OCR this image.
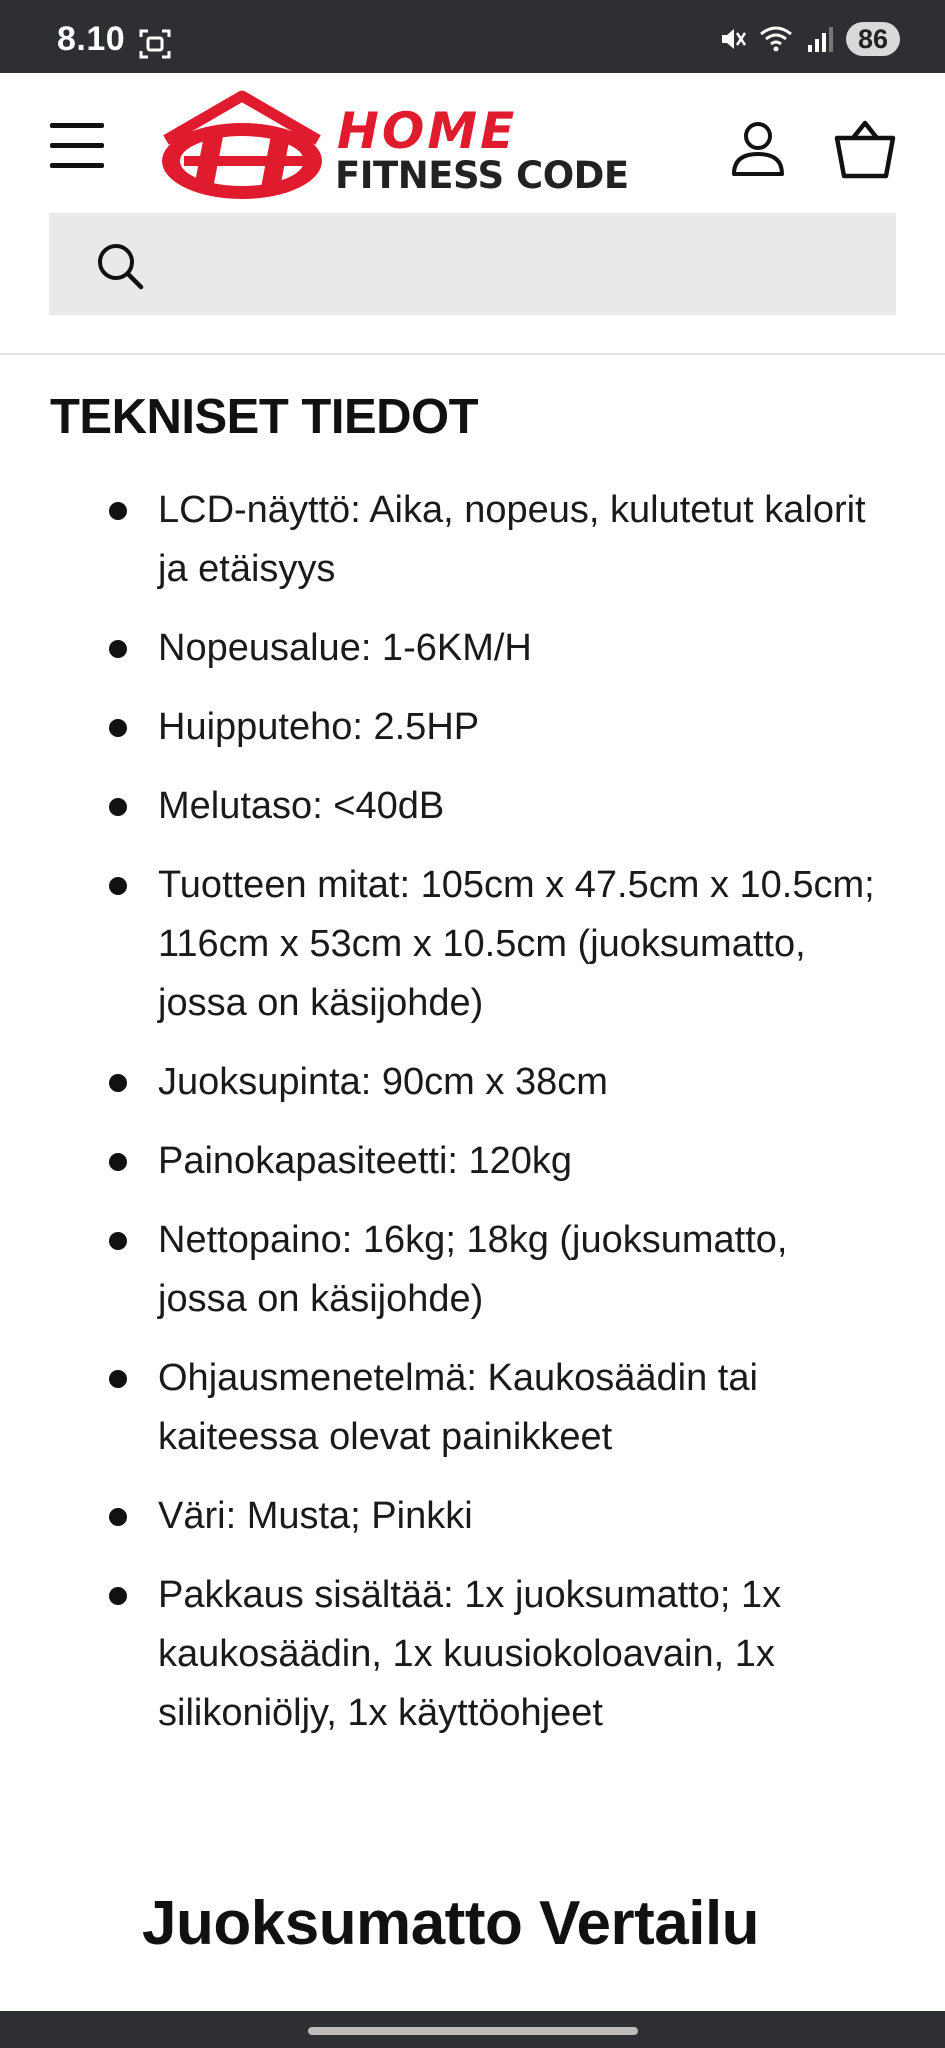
8.10	86
HOME
FITNESS CODE
TEKNISET TIEDOT
LCD-näyttö: Aika, nopeus, kulutetut kalorit ja etäisyys
Nopeusalue: 1-6KM/H
Huipputeho: 2.5HP
Melutaso: <40dB
Tuotteen mitat: 105cm x 47.5cm x 10.5cm; 116cm x 53cm x 10.5cm (juoksumatto, jossa on käsijohde)
Juoksupinta: 90cm x 38cm
Painokapasiteetti: 120kg
Nettopaino: 16kg; 18kg (juoksumatto, jossa on käsijohde)
Ohjausmenetelmä: Kaukosäädin tai kaiteessa olevat painikkeet
Väri: Musta; Pinkki
Pakkaus sisältää: 1x juoksumatto; 1x kaukosäädin, 1x kuusiokoloavain, 1x silikoniöljy, 1x käyttöohjeet
Juoksumatto Vertailu
